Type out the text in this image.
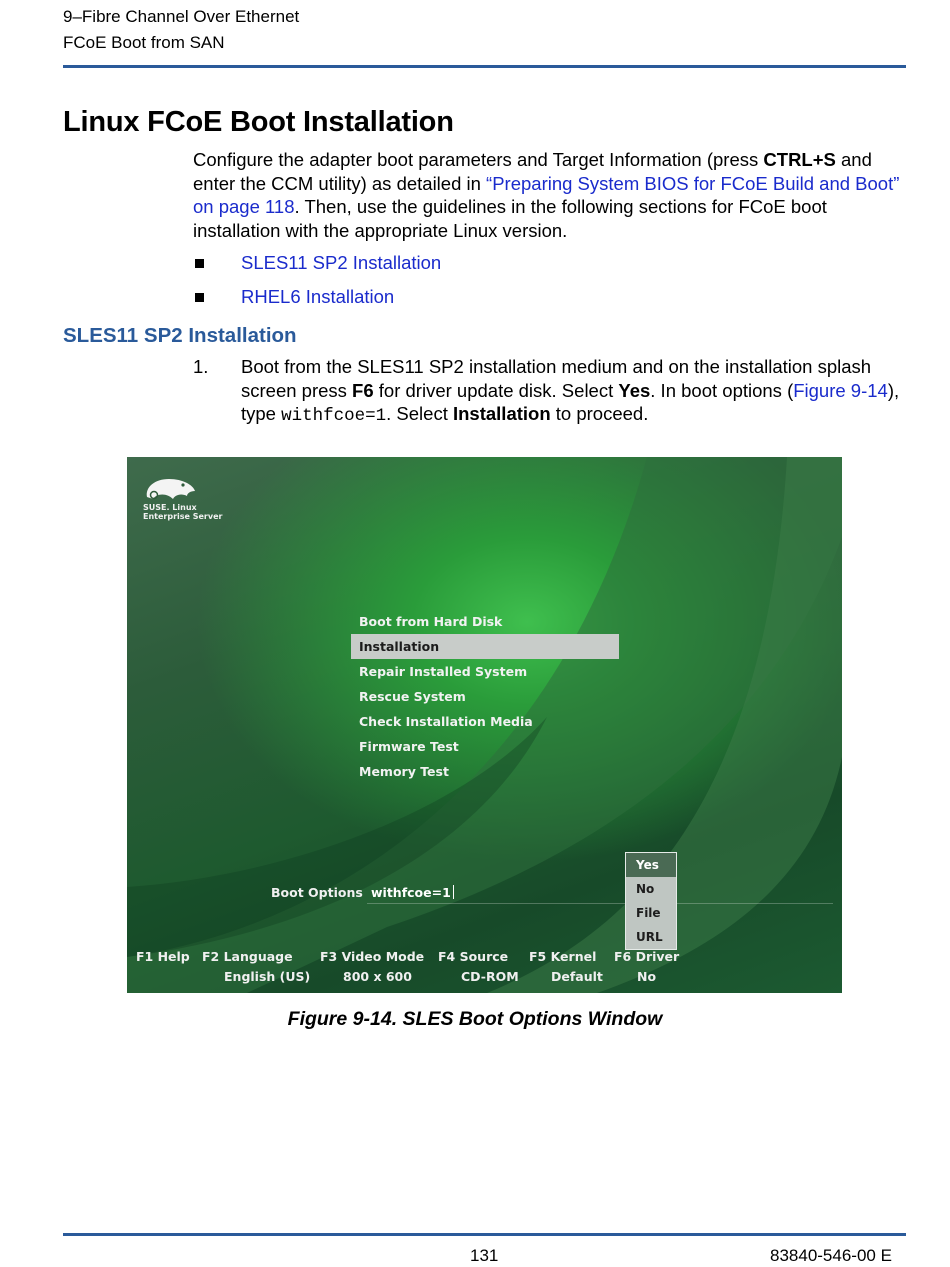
9–Fibre Channel Over Ethernet
FCoE Boot from SAN
Linux FCoE Boot Installation
Configure the adapter boot parameters and Target Information (press CTRL+S and enter the CCM utility) as detailed in “Preparing System BIOS for FCoE Build and Boot” on page 118. Then, use the guidelines in the following sections for FCoE boot installation with the appropriate Linux version.
SLES11 SP2 Installation
RHEL6 Installation
SLES11 SP2 Installation
1. Boot from the SLES11 SP2 installation medium and on the installation splash screen press F6 for driver update disk. Select Yes. In boot options (Figure 9-14), type withfcoe=1. Select Installation to proceed.
SUSE. Linux
Enterprise Server
Boot from Hard Disk
Installation
Repair Installed System
Rescue System
Check Installation Media
Firmware Test
Memory Test
Boot Options withfcoe=1
Yes
No
File
URL
F1 Help F2 Language
English (US)
F3 Video Mode
800 x 600
F4 Source
CD-ROM
F5 Kernel
Default
F6 Driver
No
Figure 9-14. SLES Boot Options Window
131	83840-546-00 E
